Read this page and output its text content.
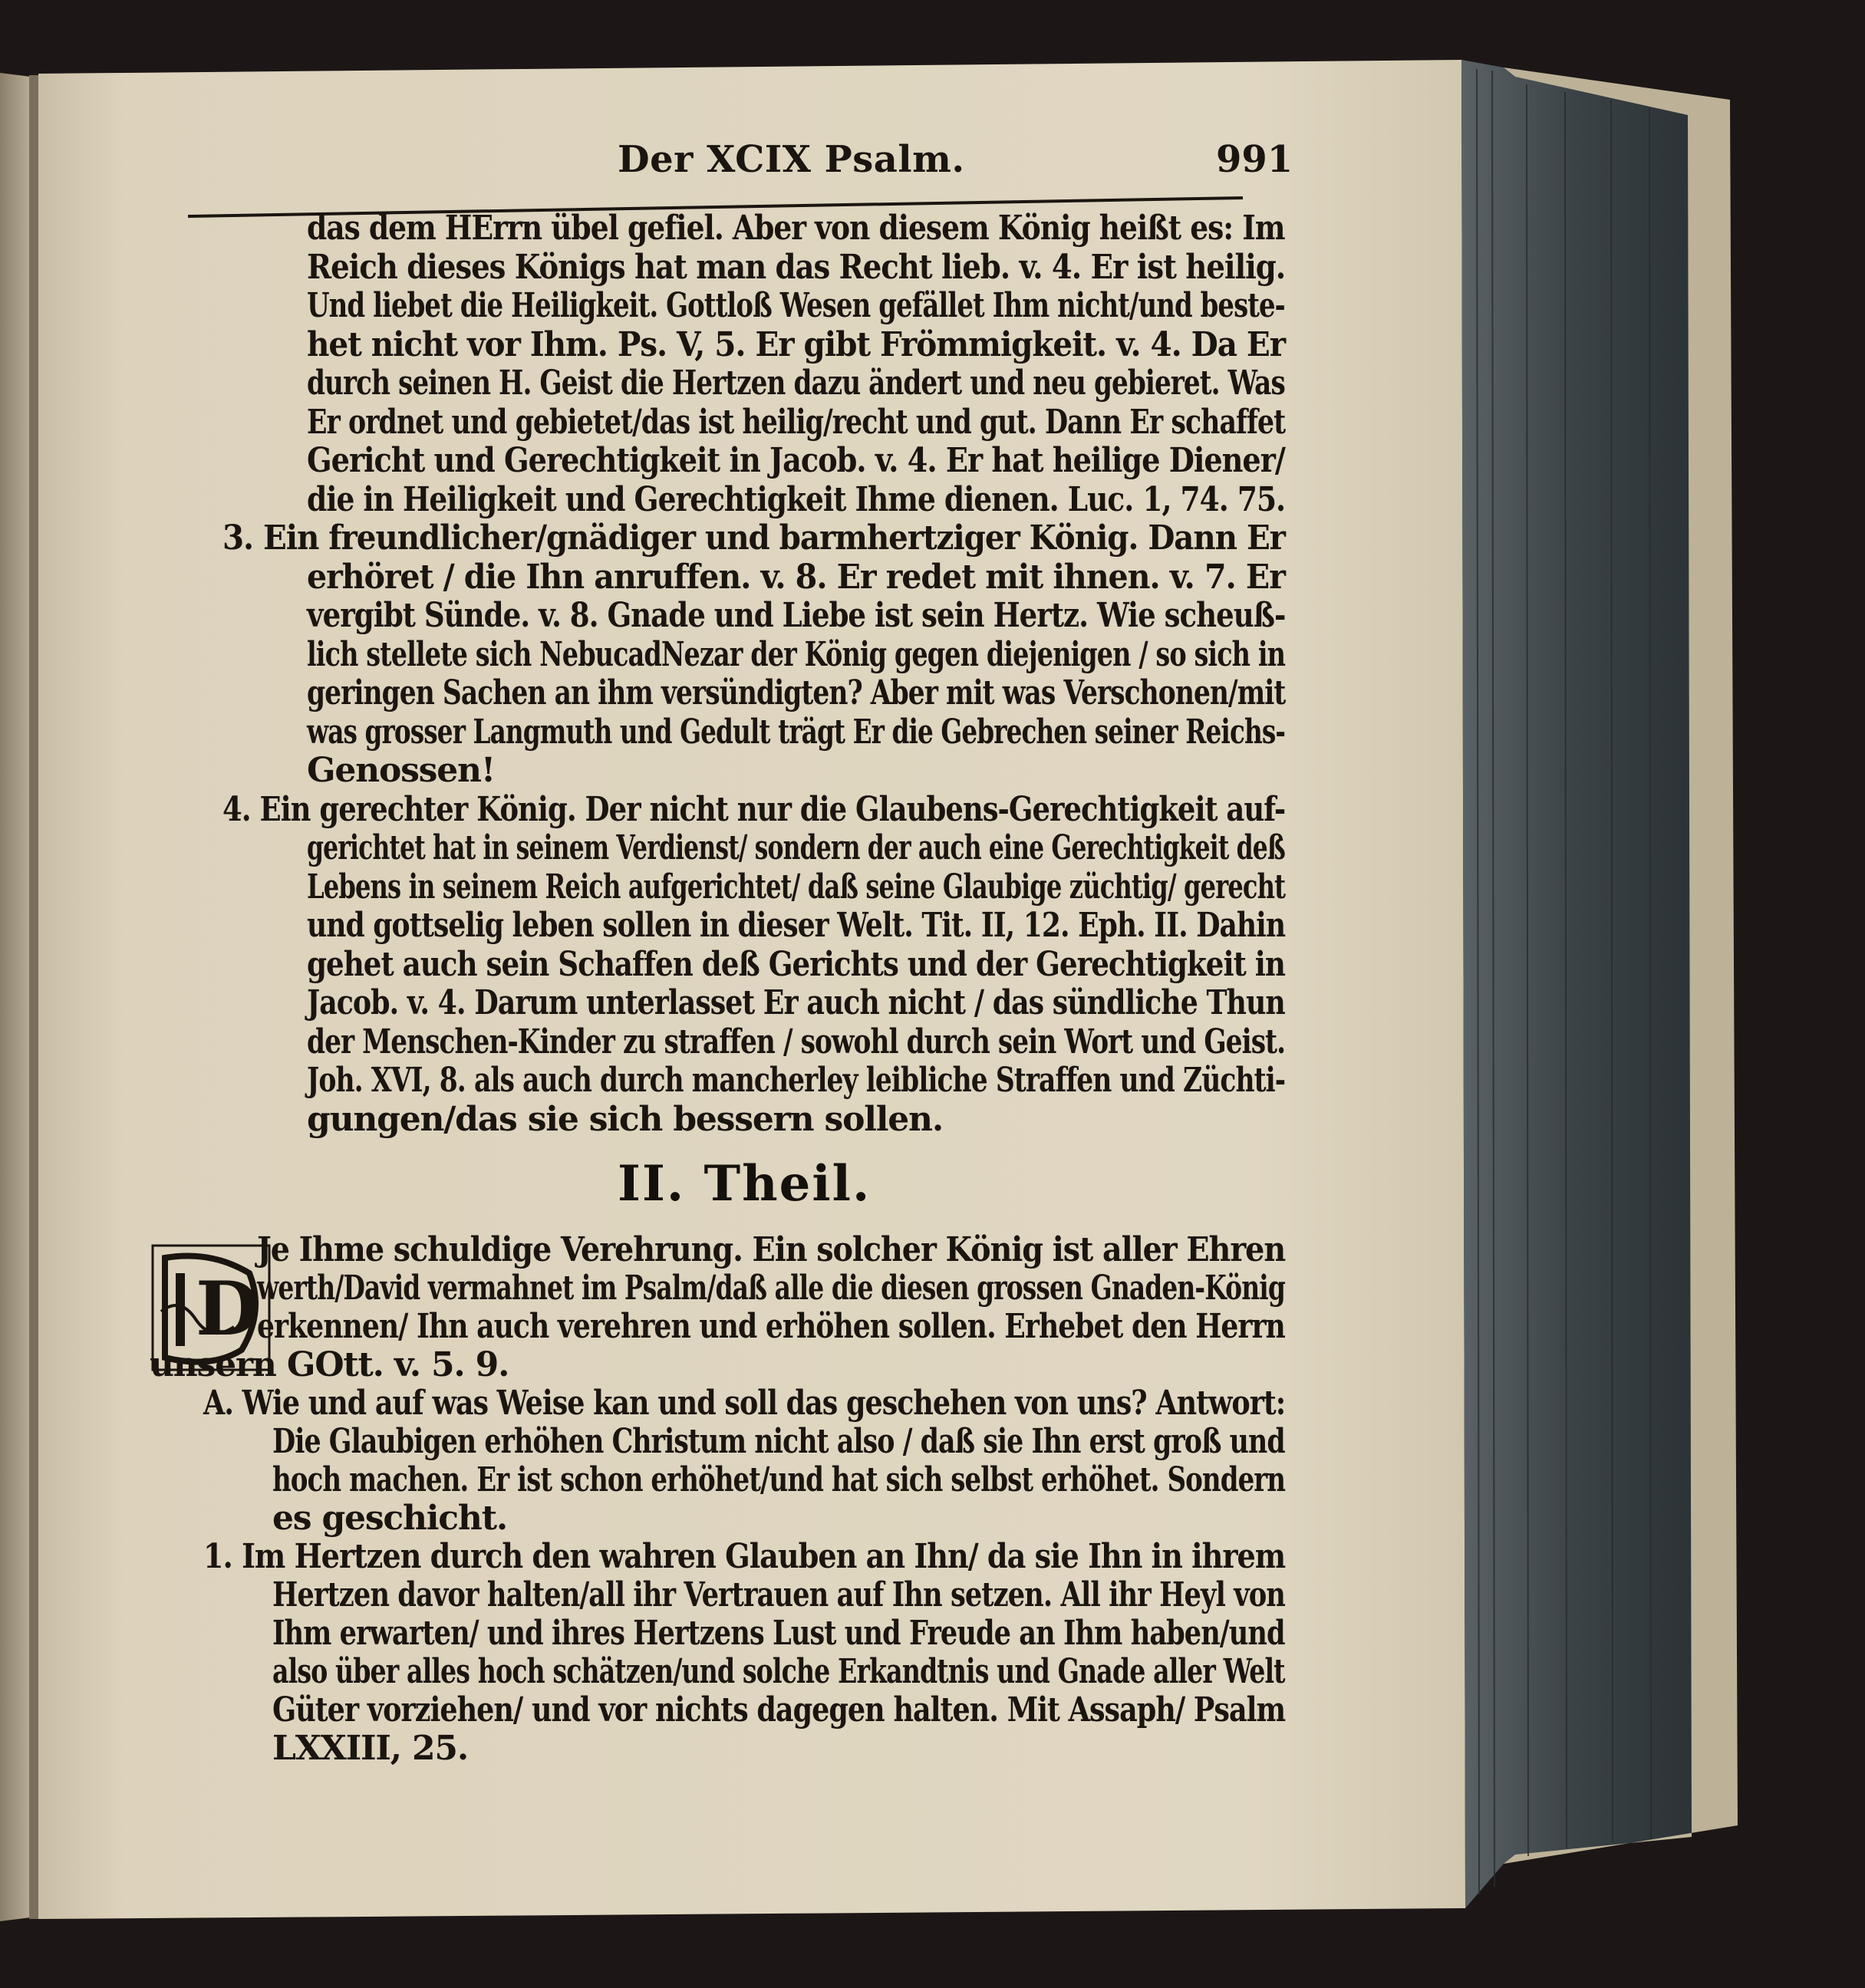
Der XCIX Psalm.	991
das dem HErrn übel gefiel. Aber von diesem König heißt es: Im
Reich dieses Königs hat man das Recht lieb. v. 4. Er ist heilig.
Und liebet die Heiligkeit. Gottloß Wesen gefället Ihm nicht/und beste-
het nicht vor Ihm. Ps. V, 5. Er gibt Frömmigkeit. v. 4. Da Er
durch seinen H. Geist die Hertzen dazu ändert und neu gebieret. Was
Er ordnet und gebietet/das ist heilig/recht und gut. Dann Er schaffet
Gericht und Gerechtigkeit in Jacob. v. 4. Er hat heilige Diener/
die in Heiligkeit und Gerechtigkeit Ihme dienen. Luc. 1, 74. 75.
3. Ein freundlicher/gnädiger und barmhertziger König. Dann Er
erhöret / die Ihn anruffen. v. 8. Er redet mit ihnen. v. 7. Er
vergibt Sünde. v. 8. Gnade und Liebe ist sein Hertz. Wie scheuß-
lich stellete sich NebucadNezar der König gegen diejenigen / so sich in
geringen Sachen an ihm versündigten? Aber mit was Verschonen/mit
was grosser Langmuth und Gedult trägt Er die Gebrechen seiner Reichs-
Genossen!
4. Ein gerechter König. Der nicht nur die Glaubens-Gerechtigkeit auf-
gerichtet hat in seinem Verdienst/ sondern der auch eine Gerechtigkeit deß
Lebens in seinem Reich aufgerichtet/ daß seine Glaubige züchtig/ gerecht
und gottselig leben sollen in dieser Welt. Tit. II, 12. Eph. II. Dahin
gehet auch sein Schaffen deß Gerichts und der Gerechtigkeit in
Jacob. v. 4. Darum unterlasset Er auch nicht / das sündliche Thun
der Menschen-Kinder zu straffen / sowohl durch sein Wort und Geist.
Joh. XVI, 8. als auch durch mancherley leibliche Straffen und Züchti-
gungen/das sie sich bessern sollen.
II. Theil.
D
Je Ihme schuldige Verehrung. Ein solcher König ist aller Ehren
werth/David vermahnet im Psalm/daß alle die diesen grossen Gnaden-König
erkennen/ Ihn auch verehren und erhöhen sollen. Erhebet den Herrn
unsern GOtt. v. 5. 9.
A. Wie und auf was Weise kan und soll das geschehen von uns? Antwort:
Die Glaubigen erhöhen Christum nicht also / daß sie Ihn erst groß und
hoch machen. Er ist schon erhöhet/und hat sich selbst erhöhet. Sondern
es geschicht.
1. Im Hertzen durch den wahren Glauben an Ihn/ da sie Ihn in ihrem
Hertzen davor halten/all ihr Vertrauen auf Ihn setzen. All ihr Heyl von
Ihm erwarten/ und ihres Hertzens Lust und Freude an Ihm haben/und
also über alles hoch schätzen/und solche Erkandtnis und Gnade aller Welt
Güter vorziehen/ und vor nichts dagegen halten. Mit Assaph/ Psalm
LXXIII, 25.
